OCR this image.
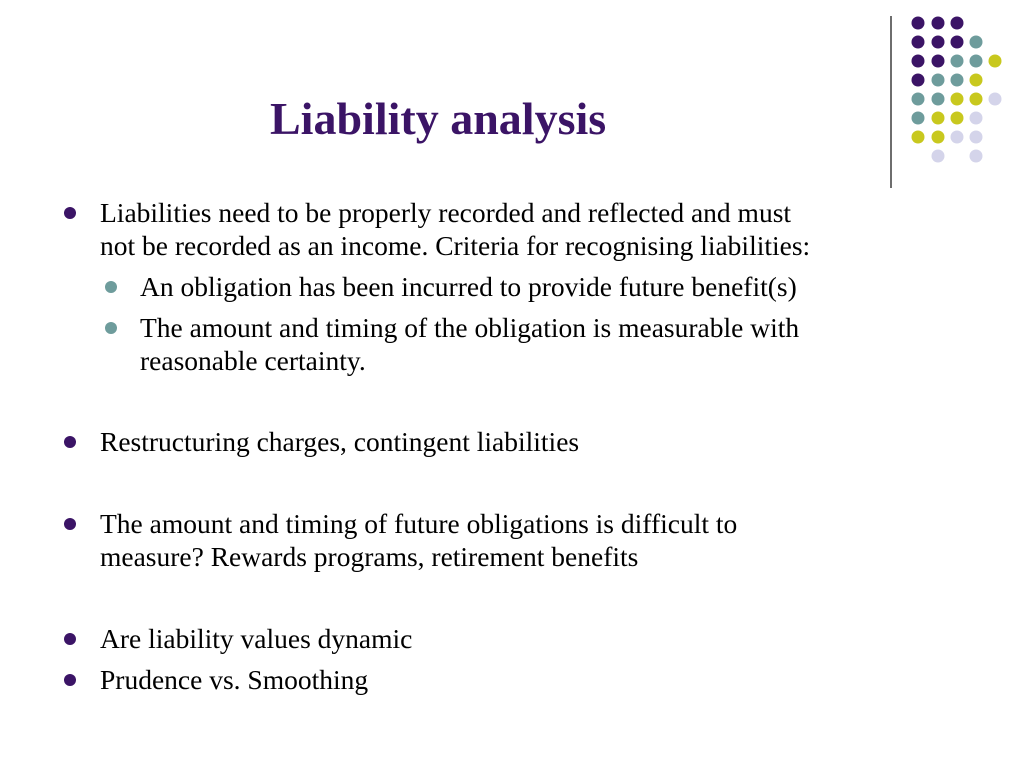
Liability analysis
Liabilities need to be properly recorded and reflected and must
not be recorded as an income. Criteria for recognising liabilities:
An obligation has been incurred to provide future benefit(s)
The amount and timing of the obligation is measurable with
reasonable certainty.
Restructuring charges, contingent liabilities
The amount and timing of future obligations is difficult to
measure? Rewards programs, retirement benefits
Are liability values dynamic
Prudence vs. Smoothing
